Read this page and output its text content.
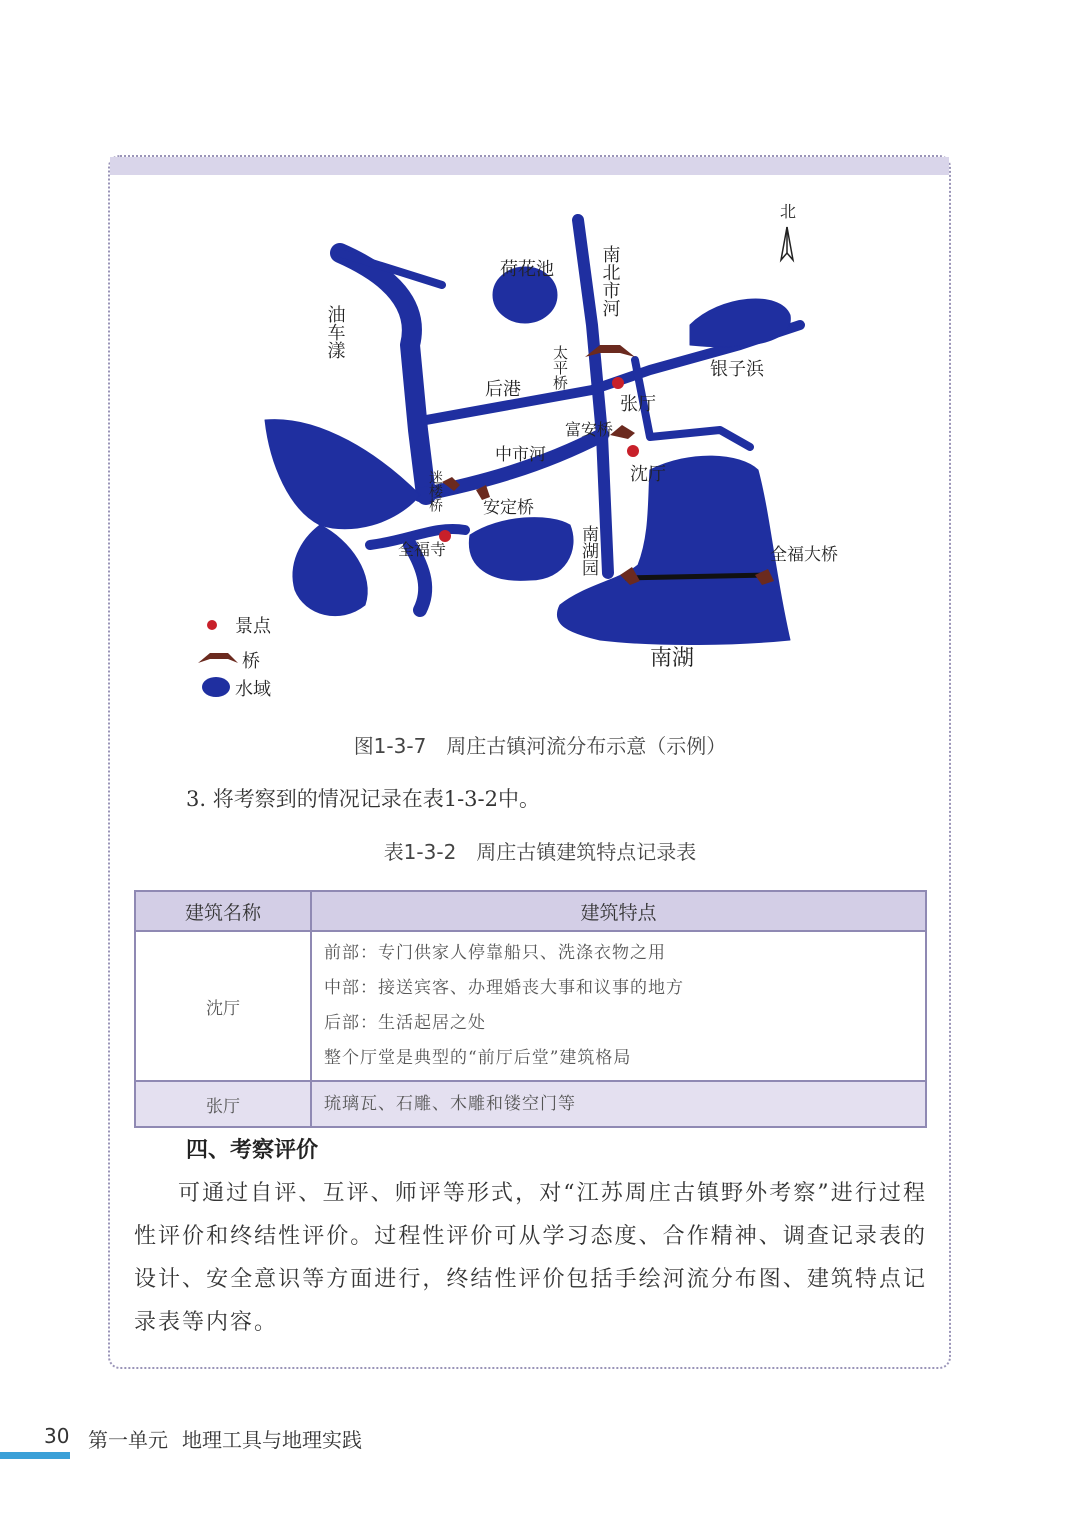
北
荷花池	南北市河
油车漾
银子浜
后港 太平桥
张厅
富安桥
沈厅
中市河
迷楼桥 安定桥
全福寺	南湖园	全福大桥
南湖
景点
桥
水域
图1-3-7　周庄古镇河流分布示意（示例）
3. 将考察到的情况记录在表1-3-2中。
表1-3-2　周庄古镇建筑特点记录表
建筑名称	建筑特点
沈厅	前部：专门供家人停靠船只、洗涤衣物之用
中部：接送宾客、办理婚丧大事和议事的地方
后部：生活起居之处
整个厅堂是典型的“前厅后堂”建筑格局

张厅	琉璃瓦、石雕、木雕和镂空门等
四、考察评价
可通过自评、互评、师评等形式，对“江苏周庄古镇野外考察”进行过程性评价和终结性评价。过程性评价可从学习态度、合作精神、调查记录表的设计、安全意识等方面进行，终结性评价包括手绘河流分布图、建筑特点记录表等内容。
30 第一单元 地理工具与地理实践
